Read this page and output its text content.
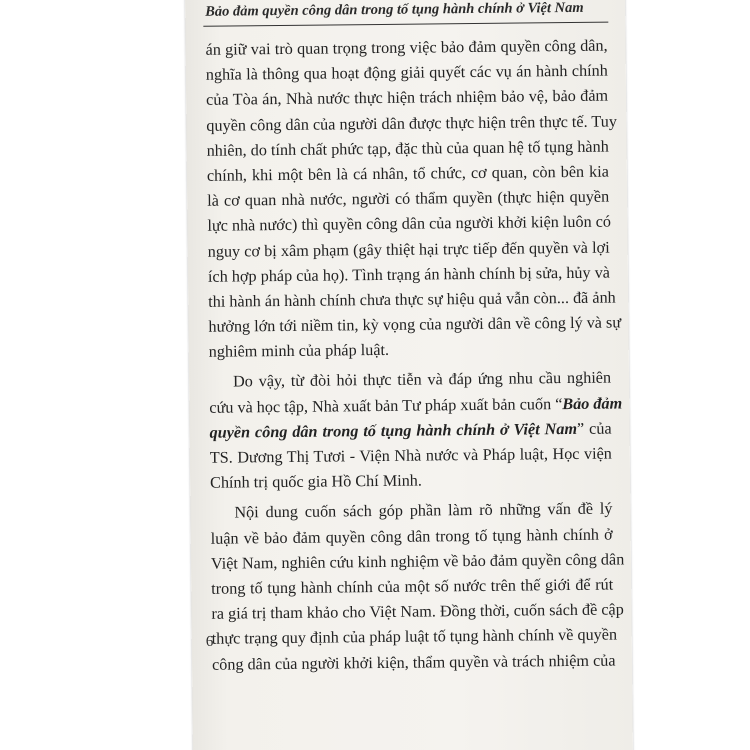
Bảo đảm quyền công dân trong tố tụng hành chính ở Việt Nam
án giữ vai trò quan trọng trong việc bảo đảm quyền công dân,
nghĩa là thông qua hoạt động giải quyết các vụ án hành chính
của Tòa án, Nhà nước thực hiện trách nhiệm bảo vệ, bảo đảm
quyền công dân của người dân được thực hiện trên thực tế. Tuy
nhiên, do tính chất phức tạp, đặc thù của quan hệ tố tụng hành
chính, khi một bên là cá nhân, tổ chức, cơ quan, còn bên kia
là cơ quan nhà nước, người có thẩm quyền (thực hiện quyền
lực nhà nước) thì quyền công dân của người khởi kiện luôn có
nguy cơ bị xâm phạm (gây thiệt hại trực tiếp đến quyền và lợi
ích hợp pháp của họ). Tình trạng án hành chính bị sửa, hủy và
thi hành án hành chính chưa thực sự hiệu quả vẫn còn... đã ảnh
hưởng lớn tới niềm tin, kỳ vọng của người dân về công lý và sự
nghiêm minh của pháp luật.
Do vậy, từ đòi hỏi thực tiễn và đáp ứng nhu cầu nghiên
cứu và học tập, Nhà xuất bản Tư pháp xuất bản cuốn “Bảo đảm
quyền công dân trong tố tụng hành chính ở Việt Nam” của
TS. Dương Thị Tươi - Viện Nhà nước và Pháp luật, Học viện
Chính trị quốc gia Hồ Chí Minh.
Nội dung cuốn sách góp phần làm rõ những vấn đề lý
luận về bảo đảm quyền công dân trong tố tụng hành chính ở
Việt Nam, nghiên cứu kinh nghiệm về bảo đảm quyền công dân
trong tố tụng hành chính của một số nước trên thế giới để rút
ra giá trị tham khảo cho Việt Nam. Đồng thời, cuốn sách đề cập
thực trạng quy định của pháp luật tố tụng hành chính về quyền
công dân của người khởi kiện, thẩm quyền và trách nhiệm của
6
